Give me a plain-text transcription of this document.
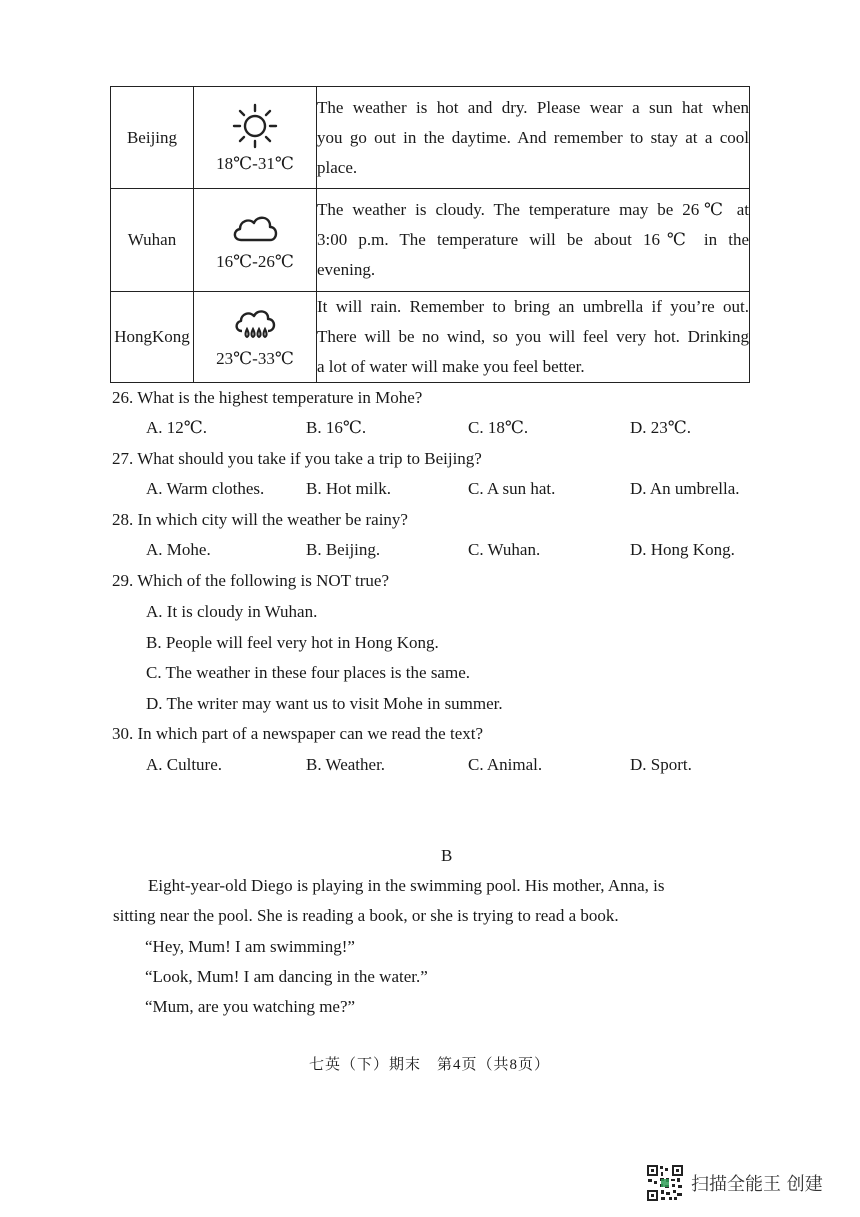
Beijing	18℃-31℃	The weather is hot and dry. Please wear a sun hat when
you go out in the daytime. And remember to stay at a cool
place.

Wuhan	16℃-26℃	The weather is cloudy. The temperature may be 26℃ at
3:00 p.m. The temperature will be about 16℃ in the
evening.

HongKong	23℃-33℃	It will rain. Remember to bring an umbrella if you’re out.
There will be no wind, so you will feel very hot. Drinking
a lot of water will make you feel better.
26. What is the highest temperature in Mohe?
A. 12℃.	B. 16℃.	C. 18℃.	D. 23℃.
27. What should you take if you take a trip to Beijing?
A. Warm clothes. B. Hot milk.	C. A sun hat.	D. An umbrella.
28. In which city will the weather be rainy?
A. Mohe.	B. Beijing.	C. Wuhan.	D. Hong Kong.
29. Which of the following is NOT true?
A. It is cloudy in Wuhan.
B. People will feel very hot in Hong Kong.
C. The weather in these four places is the same.
D. The writer may want us to visit Mohe in summer.
30. In which part of a newspaper can we read the text?
A. Culture.	B. Weather.	C. Animal.	D. Sport.
B
Eight-year-old Diego is playing in the swimming pool. His mother, Anna, is
sitting near the pool. She is reading a book, or she is trying to read a book.
“Hey, Mum! I am swimming!”
“Look, Mum! I am dancing in the water.”
“Mum, are you watching me?”
七英（下）期末　第4页（共8页）
扫描全能王 创建
